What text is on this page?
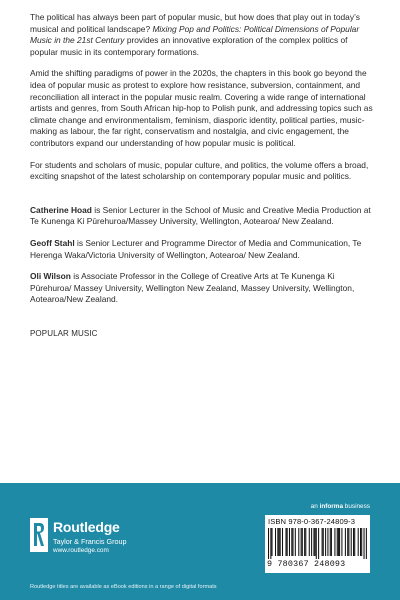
The political has always been part of popular music, but how does that play out in today’s musical and political landscape? Mixing Pop and Politics: Political Dimensions of Popular Music in the 21st Century provides an innovative exploration of the complex politics of popular music in its contemporary formations.

Amid the shifting paradigms of power in the 2020s, the chapters in this book go beyond the idea of popular music as protest to explore how resistance, subversion, containment, and reconciliation all interact in the popular music realm. Covering a wide range of international artists and genres, from South African hip-hop to Polish punk, and addressing topics such as climate change and environmentalism, feminism, diasporic identity, political parties, music-making as labour, the far right, conservatism and nostalgia, and civic engagement, the contributors expand our understanding of how popular music is political.

For students and scholars of music, popular culture, and politics, the volume offers a broad, exciting snapshot of the latest scholarship on contemporary popular music and politics.

Catherine Hoad is Senior Lecturer in the School of Music and Creative Media Production at Te Kunenga Ki Pūrehuroa/Massey University, Wellington, Aotearoa/ New Zealand.

Geoff Stahl is Senior Lecturer and Programme Director of Media and Communication, Te Herenga Waka/Victoria University of Wellington, Aotearoa/ New Zealand.

Oli Wilson is Associate Professor in the College of Creative Arts at Te Kunenga Ki Pūrehuroa/ Massey University, Wellington New Zealand, Massey University, Wellington, Aotearoa/New Zealand.

POPULAR MUSIC
Routledge
Taylor & Francis Group
www.routledge.com
an informa business
ISBN 978-0-367-24809-3
9 780367 248093
Routledge titles are available as eBook editions in a range of digital formats
